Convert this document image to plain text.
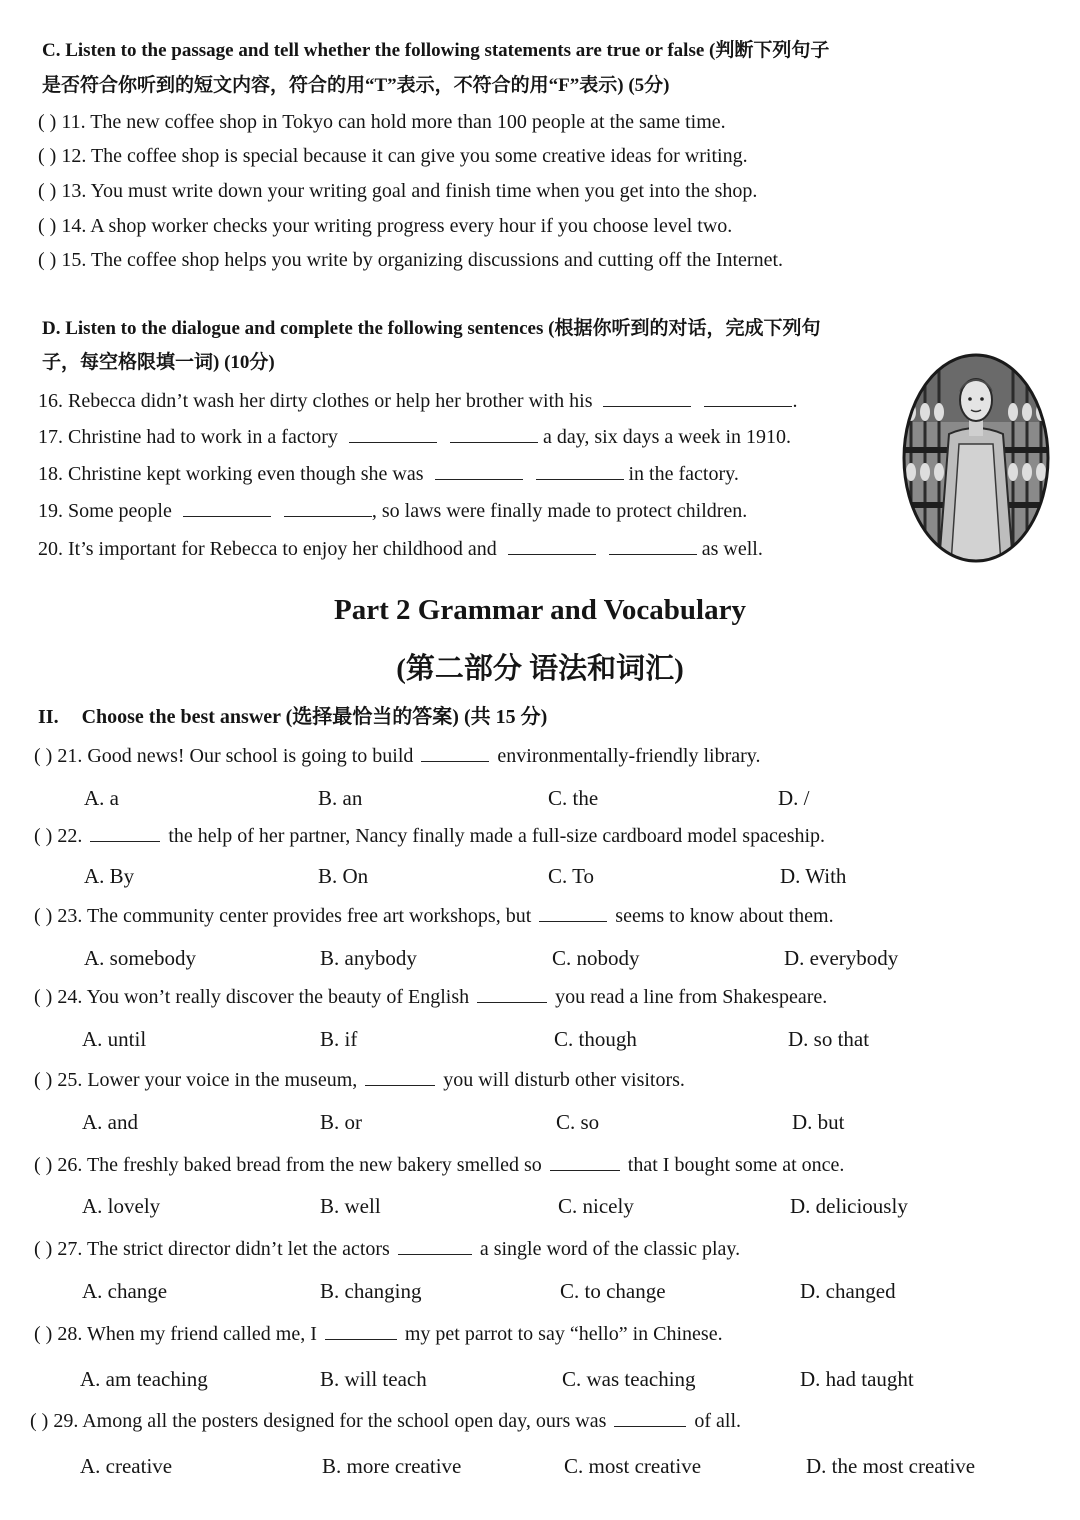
C. Listen to the passage and tell whether the following statements are true or false (判断下列句子
是否符合你听到的短文内容，符合的用“T”表示，不符合的用“F”表示) (5分)
( ) 11. The new coffee shop in Tokyo can hold more than 100 people at the same time.
( ) 12. The coffee shop is special because it can give you some creative ideas for writing.
( ) 13. You must write down your writing goal and finish time when you get into the shop.
( ) 14. A shop worker checks your writing progress every hour if you choose level two.
( ) 15. The coffee shop helps you write by organizing discussions and cutting off the Internet.
D. Listen to the dialogue and complete the following sentences (根据你听到的对话，完成下列句
子，每空格限填一词) (10分)
16. Rebecca didn’t wash her dirty clothes or help her brother with his	.
17. Christine had to work in a factory	a day, six days a week in 1910.
18. Christine kept working even though she was	in the factory.
19. Some people	, so laws were finally made to protect children.
20. It’s important for Rebecca to enjoy her childhood and	as well.
Part 2 Grammar and Vocabulary
(第二部分 语法和词汇)
II. Choose the best answer (选择最恰当的答案) (共 15 分)
( ) 21. Good news! Our school is going to build	environmentally-friendly library.
A. a	B. an	C. the	D. /
( ) 22.	the help of her partner, Nancy finally made a full-size cardboard model spaceship.
A. By	B. On	C. To	D. With
( ) 23. The community center provides free art workshops, but	seems to know about them.
A. somebody	B. anybody	C. nobody	D. everybody
( ) 24. You won’t really discover the beauty of English	you read a line from Shakespeare.
A. until	B. if	C. though	D. so that
( ) 25. Lower your voice in the museum,	you will disturb other visitors.
A. and	B. or	C. so	D. but
( ) 26. The freshly baked bread from the new bakery smelled so	that I bought some at once.
A. lovely	B. well	C. nicely	D. deliciously
( ) 27. The strict director didn’t let the actors	a single word of the classic play.
A. change	B. changing	C. to change	D. changed
( ) 28. When my friend called me, I	my pet parrot to say “hello” in Chinese.
A. am teaching	B. will teach	C. was teaching	D. had taught
( ) 29. Among all the posters designed for the school open day, ours was	of all.
A. creative	B. more creative	C. most creative	D. the most creative
